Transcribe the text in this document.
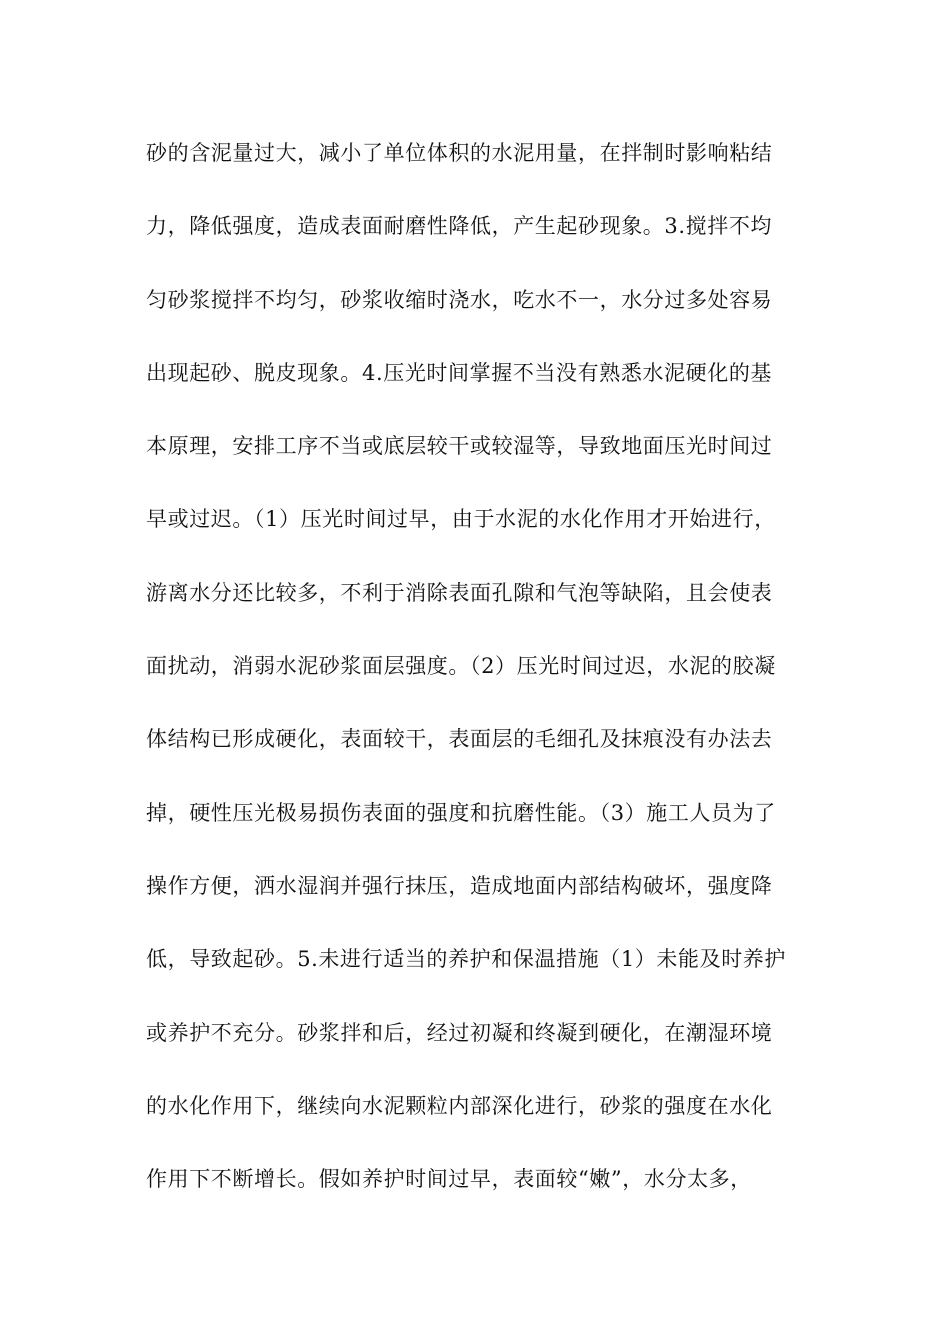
砂的含泥量过大，减小了单位体积的水泥用量，在拌制时影响粘结
力，降低强度，造成表面耐磨性降低，产生起砂现象。3.搅拌不均
匀砂浆搅拌不均匀，砂浆收缩时浇水，吃水不一，水分过多处容易
出现起砂、脱皮现象。4.压光时间掌握不当没有熟悉水泥硬化的基
本原理，安排工序不当或底层较干或较湿等，导致地面压光时间过
早或过迟。（1）压光时间过早，由于水泥的水化作用才开始进行，
游离水分还比较多，不利于消除表面孔隙和气泡等缺陷，且会使表
面扰动，消弱水泥砂浆面层强度。（2）压光时间过迟，水泥的胶凝
体结构已形成硬化，表面较干，表面层的毛细孔及抹痕没有办法去
掉，硬性压光极易损伤表面的强度和抗磨性能。（3）施工人员为了
操作方便，洒水湿润并强行抹压，造成地面内部结构破坏，强度降
低，导致起砂。5.未进行适当的养护和保温措施（1）未能及时养护
或养护不充分。砂浆拌和后，经过初凝和终凝到硬化，在潮湿环境
的水化作用下，继续向水泥颗粒内部深化进行，砂浆的强度在水化
作用下不断增长。假如养护时间过早，表面较“嫩”，水分太多，
